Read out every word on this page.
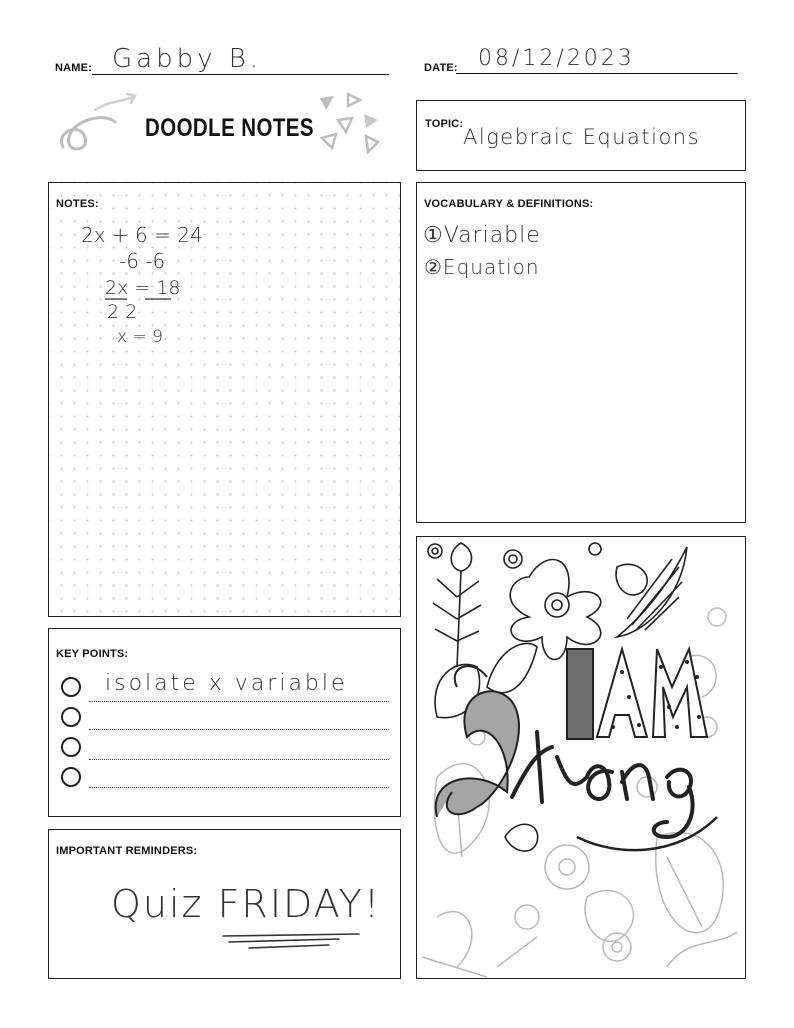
NAME: Gabby B.	DATE: 08/12/2023
DOODLE NOTES	TOPIC:
Algebraic Equations
NOTES:
2x + 6 = 24
-6 -6
2x = 18
2 2
x = 9
VOCABULARY & DEFINITIONS:
①Variable
②Equation
KEY POINTS:
isolate x variable
IMPORTANT REMINDERS:
Quiz FRIDAY!
